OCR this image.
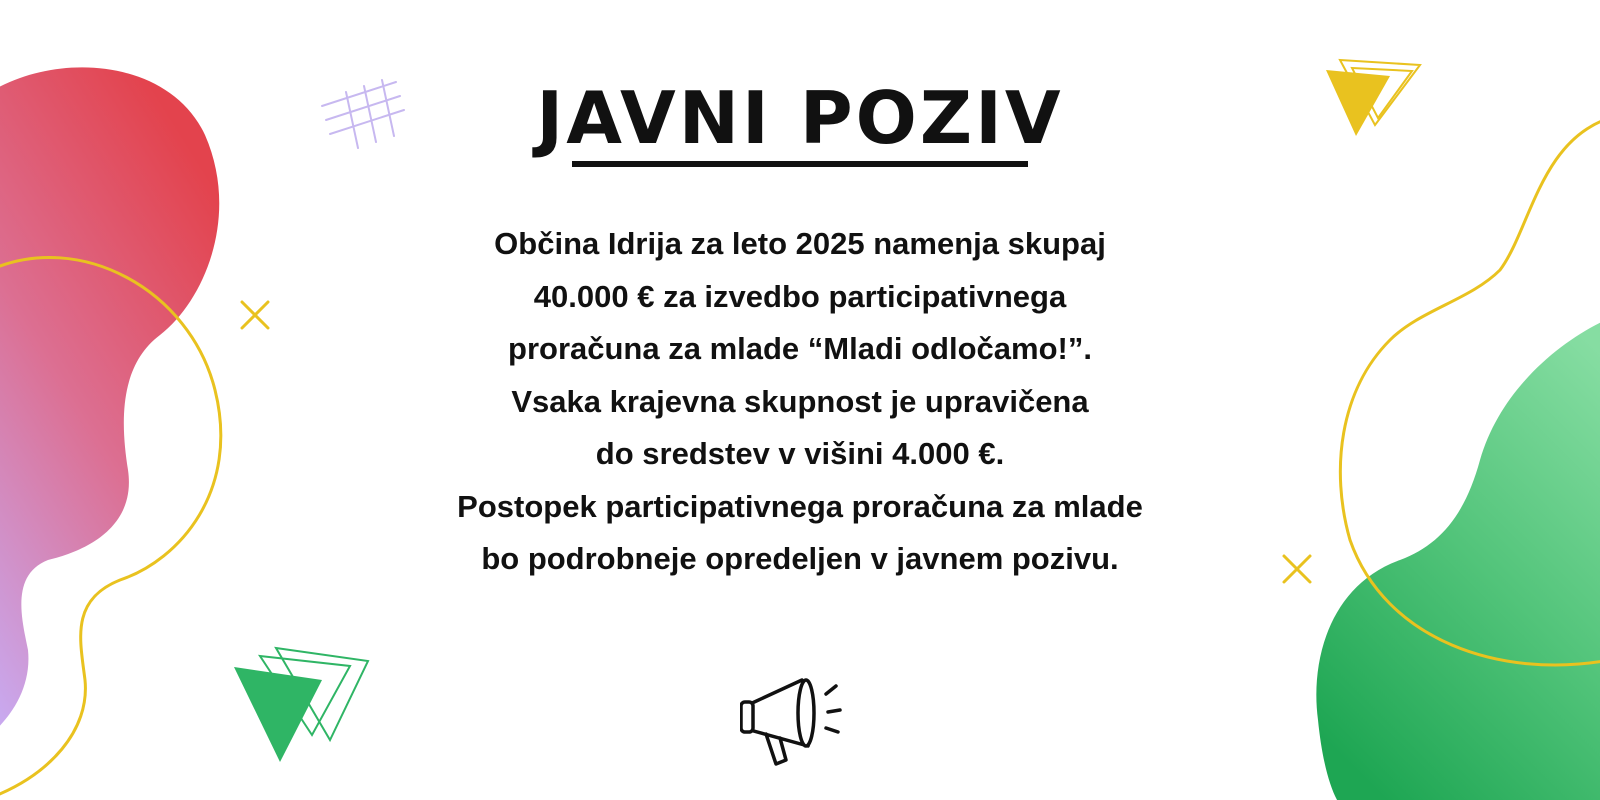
JAVNI POZIV
Občina Idrija za leto 2025 namenja skupaj
40.000 € za izvedbo participativnega
proračuna za mlade “Mladi odločamo!”.
Vsaka krajevna skupnost je upravičena
do sredstev v višini 4.000 €.
Postopek participativnega proračuna za mlade
bo podrobneje opredeljen v javnem pozivu.
